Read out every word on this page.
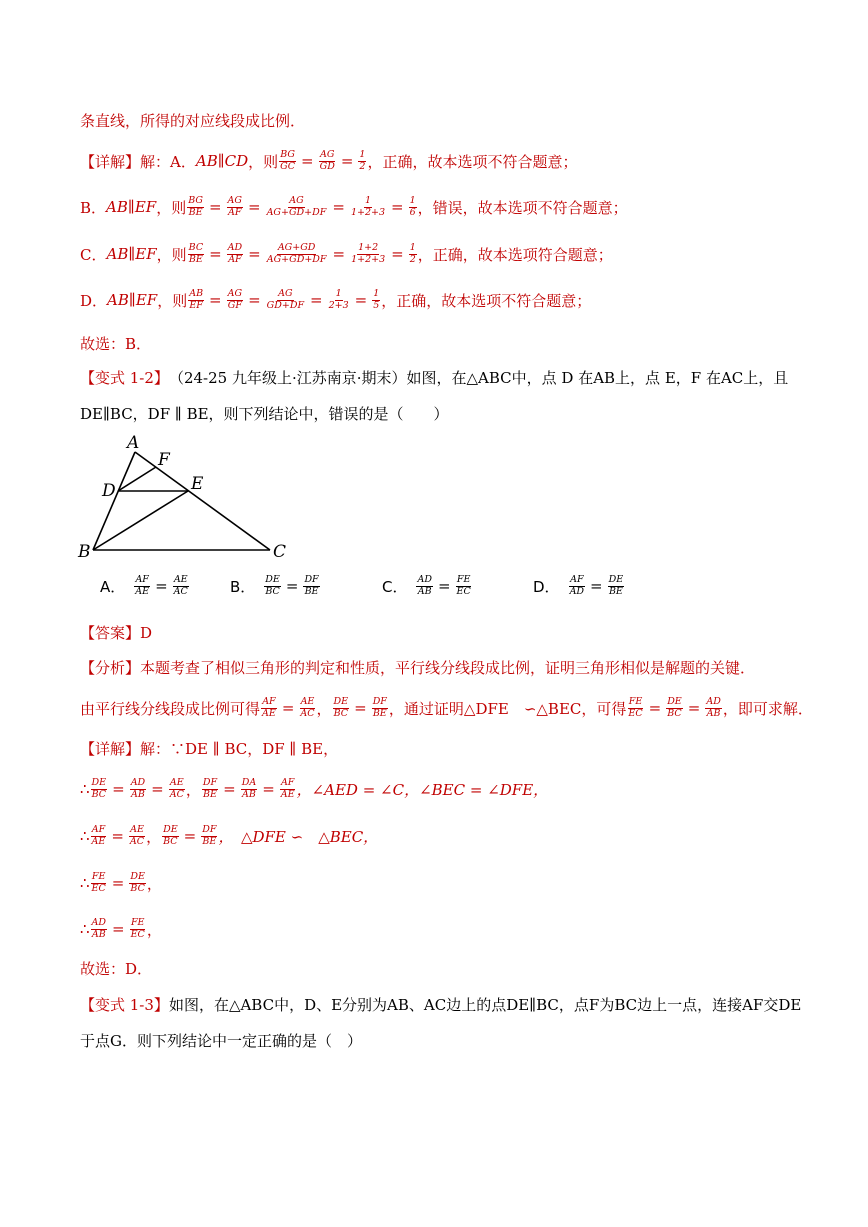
条直线，所得的对应线段成比例．
【详解】 解：A． AB∥CD ，则 $\frac{BG}{GC} = \frac{AG}{GD} = \frac{1}{2}$ ，正确，故本选项不符合题意；
B． AB∥EF ，则 $\frac{BG}{BE} = \frac{AG}{AF} = \frac{AG}{AG+GD+DF} = \frac{1}{1+2+3} = \frac{1}{6}$ ，错误，故本选项不符合题意；
C． AB∥EF ，则 $\frac{BC}{BE} = \frac{AD}{AF} = \frac{AG+GD}{AG+GD+DF} = \frac{1+2}{1+2+3} = \frac{1}{2}$ ，正确，故本选项符合题意；
D． AB∥EF ，则 $\frac{AB}{EF} = \frac{AG}{GF} = \frac{AG}{GD+DF} = \frac{1}{2+3} = \frac{1}{5}$ ，正确，故本选项不符合题意；
故选：B．
【变式 1-2】 （24-25 九年级上·江苏南京·期末）如图，在△ABC中，点 D 在AB上，点 E，F 在AC上，且
DE∥BC，DF ∥ BE，则下列结论中，错误的是（　　）
A
F
D	E
B	C
A． $\frac{AF}{AE} = \frac{AE}{AC}$	B． $\frac{DE}{BC} = \frac{DF}{BE}$	C． $\frac{AD}{AB} = \frac{FE}{EC}$	D． $\frac{AF}{AD} = \frac{DE}{BE}$
【答案】D
【分析】 本题考查了相似三角形的判定和性质，平行线分线段成比例，证明三角形相似是解题的关键．
由平行线分线段成比例可得 $\frac{AF}{AE} = \frac{AE}{AC}$ ， $\frac{DE}{BC} = \frac{DF}{BE}$ ，通过证明△DFE　∽△BEC，可得 $\frac{FE}{EC} = \frac{DE}{BC} = \frac{AD}{AB}$ ，即可求解．
【详解】 解：∵DE ∥ BC，DF ∥ BE，
∴ $\frac{DE}{BC} = \frac{AD}{AB} = \frac{AE}{AC}$ ， $\frac{DF}{BE} = \frac{DA}{AB} = \frac{AF}{AE}$ ，∠AED = ∠C，∠BEC = ∠DFE，
∴ $\frac{AF}{AE} = \frac{AE}{AC}$ ， $\frac{DE}{BC} = \frac{DF}{BE}$ ，　△DFE ∽　△BEC，
∴ $\frac{FE}{EC} = \frac{DE}{BC}$ ，
∴ $\frac{AD}{AB} = \frac{FE}{EC}$ ，
故选：D．
【变式 1-3】 如图，在△ABC中，D、E分别为AB、AC边上的点DE∥BC，点F为BC边上一点，连接AF交DE
于点G．则下列结论中一定正确的是（　）
